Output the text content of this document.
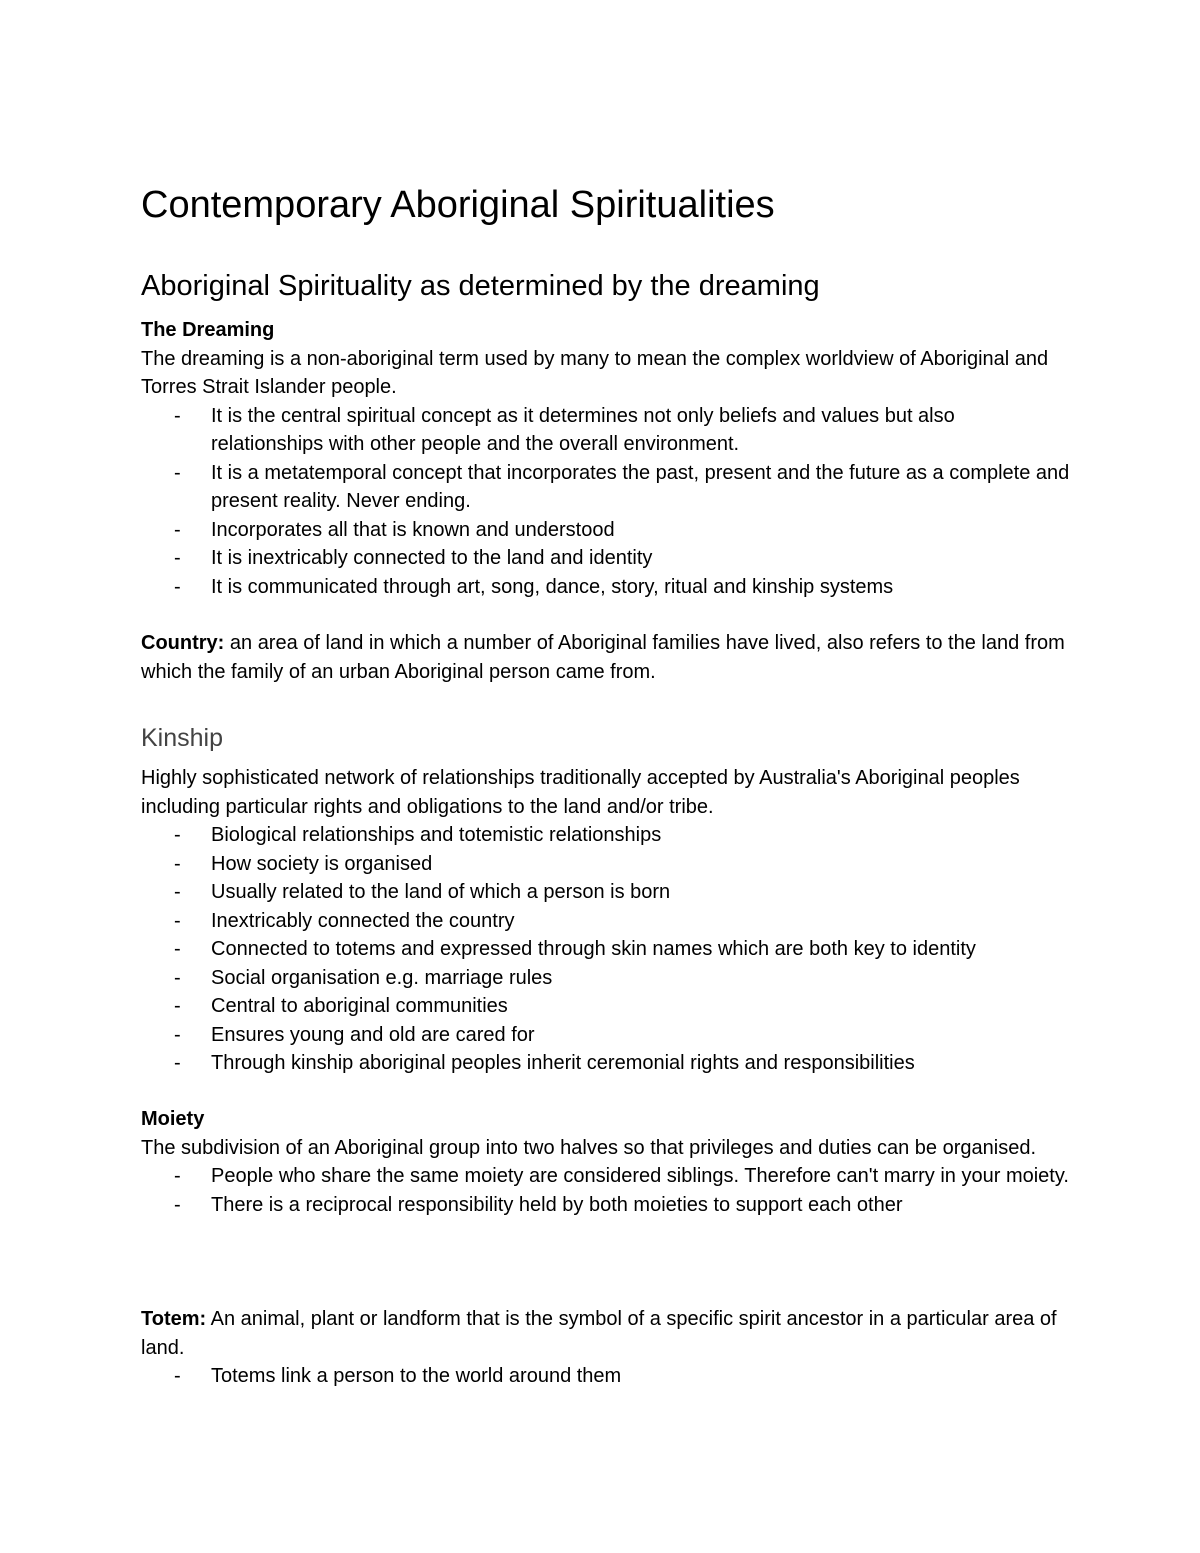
Contemporary Aboriginal Spiritualities
Aboriginal Spirituality as determined by the dreaming

The Dreaming

The dreaming is a non-aboriginal term used by many to mean the complex worldview of Aboriginal and Torres Strait Islander people.

- It is the central spiritual concept as it determines not only beliefs and values but also relationships with other people and the overall environment.
- It is a metatemporal concept that incorporates the past, present and the future as a complete and present reality. Never ending.
- Incorporates all that is known and understood
- It is inextricably connected to the land and identity
- It is communicated through art, song, dance, story, ritual and kinship systems

Country: an area of land in which a number of Aboriginal families have lived, also refers to the land from which the family of an urban Aboriginal person came from.

Kinship

Highly sophisticated network of relationships traditionally accepted by Australia's Aboriginal peoples including particular rights and obligations to the land and/or tribe.

- Biological relationships and totemistic relationships
- How society is organised
- Usually related to the land of which a person is born
- Inextricably connected the country
- Connected to totems and expressed through skin names which are both key to identity
- Social organisation e.g. marriage rules
- Central to aboriginal communities
- Ensures young and old are cared for
- Through kinship aboriginal peoples inherit ceremonial rights and responsibilities

Moiety

The subdivision of an Aboriginal group into two halves so that privileges and duties can be organised.

- People who share the same moiety are considered siblings. Therefore can't marry in your moiety.
- There is a reciprocal responsibility held by both moieties to support each other

Totem: An animal, plant or landform that is the symbol of a specific spirit ancestor in a particular area of land.

- Totems link a person to the world around them
